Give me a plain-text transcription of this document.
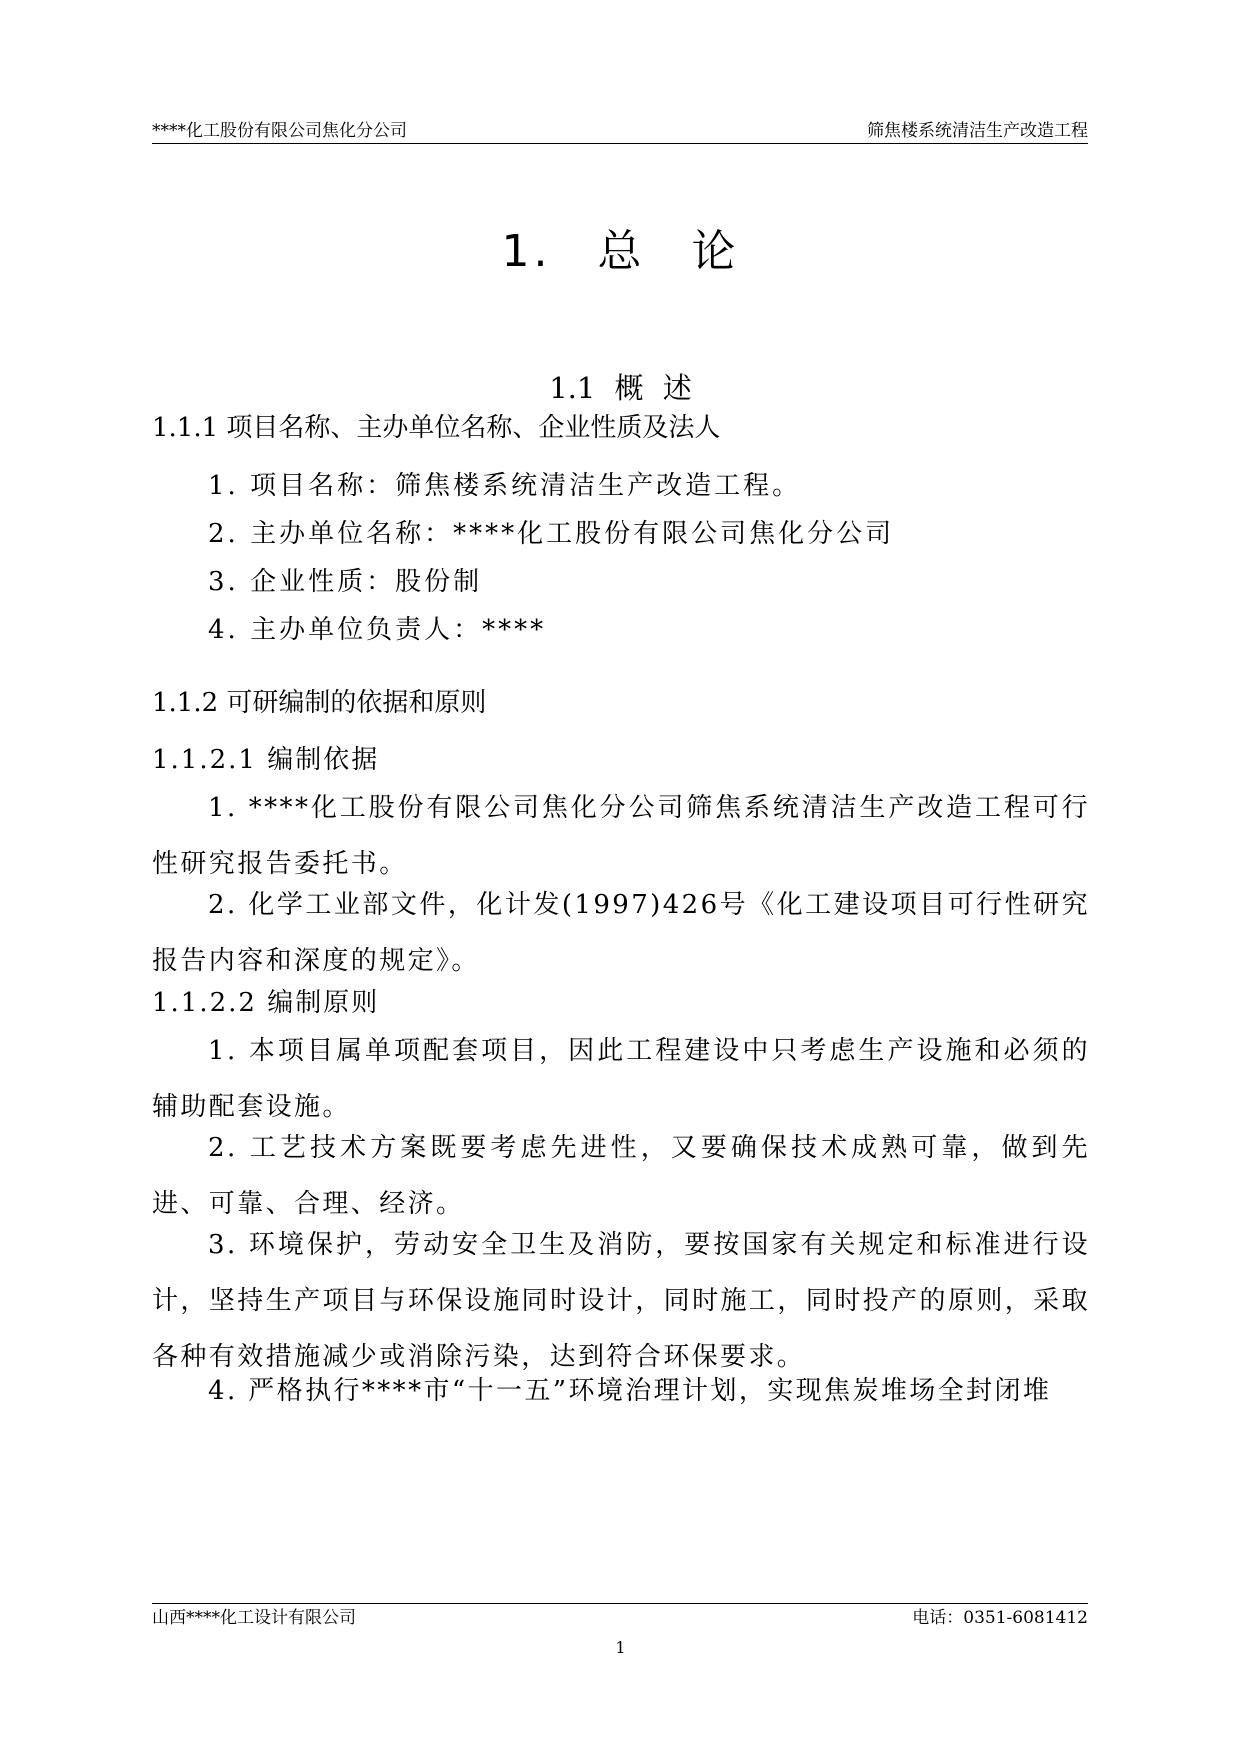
****化工股份有限公司焦化分公司	筛焦楼系统清洁生产改造工程
1. 总 论
1.1 概 述
1.1.1 项目名称、主办单位名称、企业性质及法人
1. 项目名称：筛焦楼系统清洁生产改造工程。
2. 主办单位名称：****化工股份有限公司焦化分公司
3. 企业性质：股份制
4. 主办单位负责人：****
1.1.2 可研编制的依据和原则
1.1.2.1 编制依据
1. ****化工股份有限公司焦化分公司筛焦系统清洁生产改造工程可行性研究报告委托书。
2. 化学工业部文件，化计发(1997)426号《化工建设项目可行性研究报告内容和深度的规定》。
1.1.2.2 编制原则
1. 本项目属单项配套项目，因此工程建设中只考虑生产设施和必须的辅助配套设施。
2. 工艺技术方案既要考虑先进性，又要确保技术成熟可靠，做到先进、可靠、合理、经济。
3. 环境保护，劳动安全卫生及消防，要按国家有关规定和标准进行设计，坚持生产项目与环保设施同时设计，同时施工，同时投产的原则，采取各种有效措施减少或消除污染，达到符合环保要求。
4. 严格执行****市“十一五”环境治理计划，实现焦炭堆场全封闭堆
山西****化工设计有限公司	电话：0351-6081412
1
